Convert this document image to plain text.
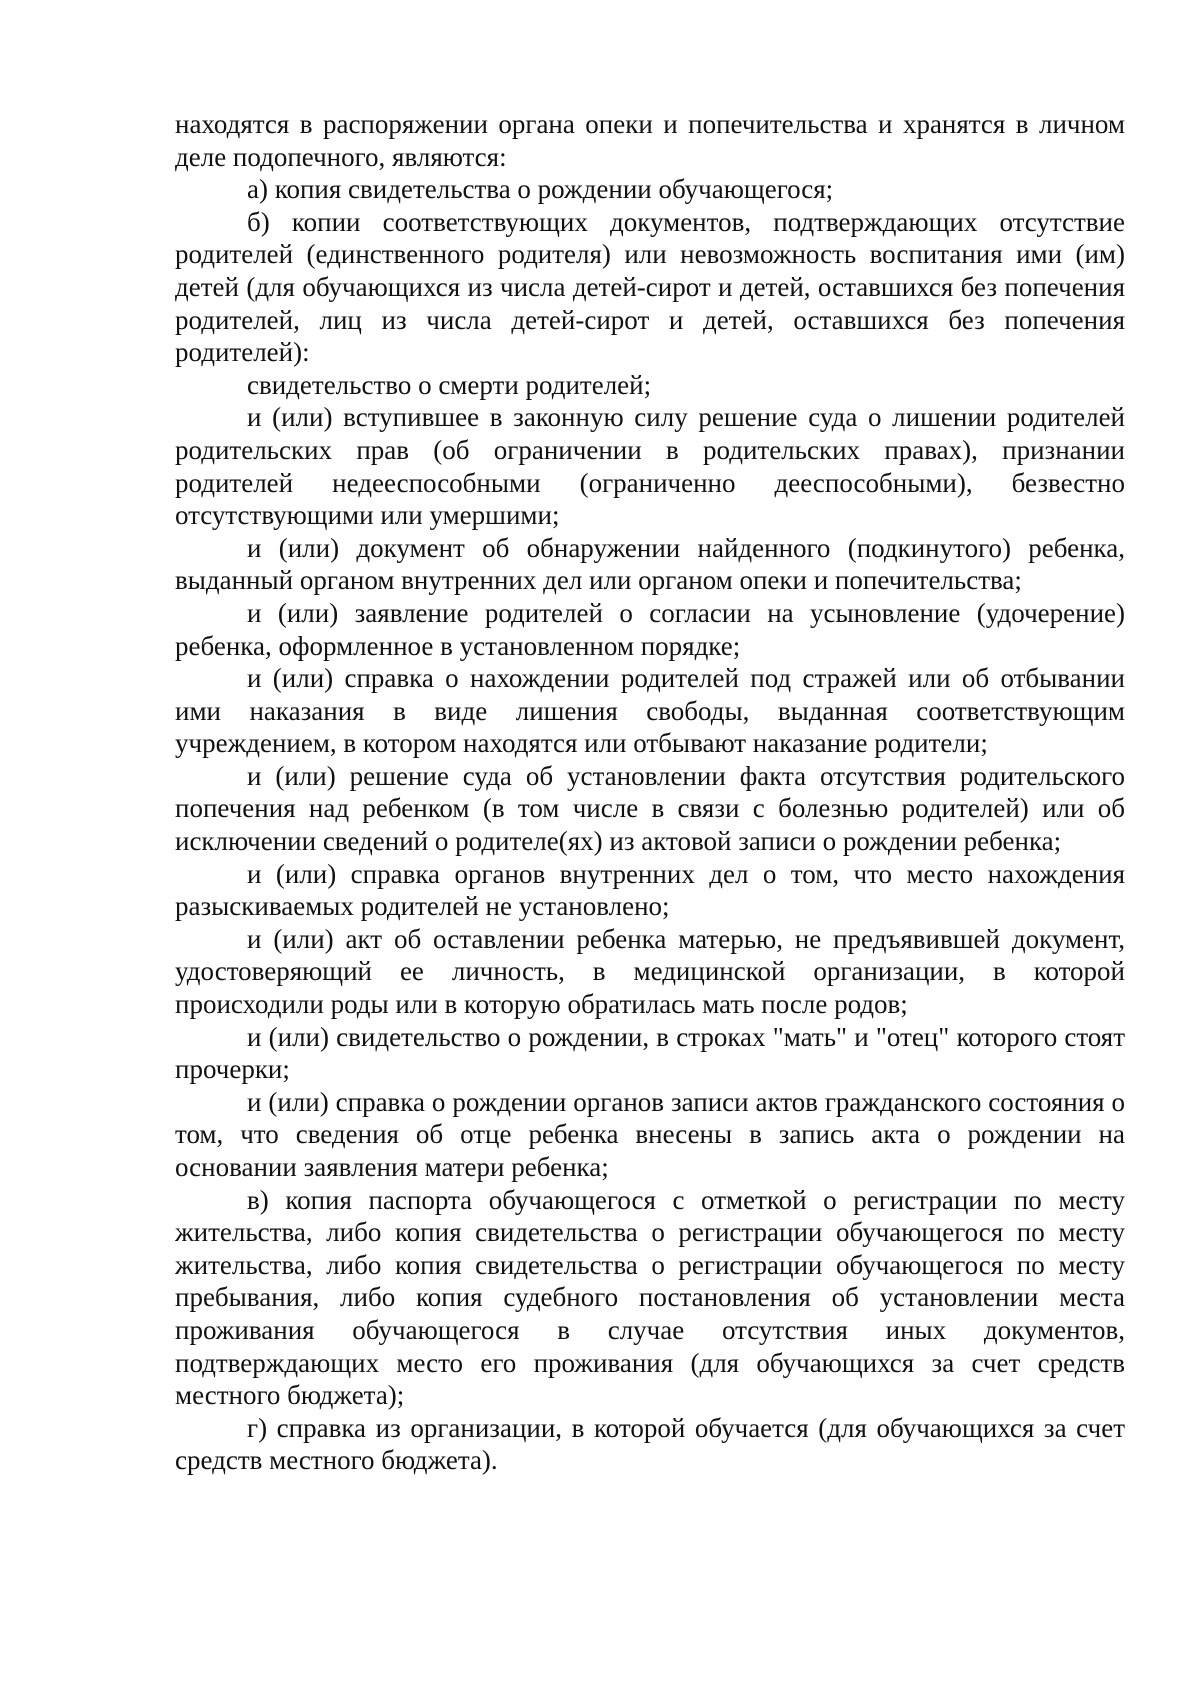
находятся в распоряжении органа опеки и попечительства и хранятся в личном деле подопечного, являются:

а) копия свидетельства о рождении обучающегося;

б) копии соответствующих документов, подтверждающих отсутствие родителей (единственного родителя) или невозможность воспитания ими (им) детей (для обучающихся из числа детей-сирот и детей, оставшихся без попечения родителей, лиц из числа детей-сирот и детей, оставшихся без попечения родителей):

свидетельство о смерти родителей;

и (или) вступившее в законную силу решение суда о лишении родителей родительских прав (об ограничении в родительских правах), признании родителей недееспособными (ограниченно дееспособными), безвестно отсутствующими или умершими;

и (или) документ об обнаружении найденного (подкинутого) ребенка, выданный органом внутренних дел или органом опеки и попечительства;

и (или) заявление родителей о согласии на усыновление (удочерение) ребенка, оформленное в установленном порядке;

и (или) справка о нахождении родителей под стражей или об отбывании ими наказания в виде лишения свободы, выданная соответствующим учреждением, в котором находятся или отбывают наказание родители;

и (или) решение суда об установлении факта отсутствия родительского попечения над ребенком (в том числе в связи с болезнью родителей) или об исключении сведений о родителе(ях) из актовой записи о рождении ребенка;

и (или) справка органов внутренних дел о том, что место нахождения разыскиваемых родителей не установлено;

и (или) акт об оставлении ребенка матерью, не предъявившей документ, удостоверяющий ее личность, в медицинской организации, в которой происходили роды или в которую обратилась мать после родов;

и (или) свидетельство о рождении, в строках "мать" и "отец" которого стоят прочерки;

и (или) справка о рождении органов записи актов гражданского состояния о том, что сведения об отце ребенка внесены в запись акта о рождении на основании заявления матери ребенка;

в) копия паспорта обучающегося с отметкой о регистрации по месту жительства, либо копия свидетельства о регистрации обучающегося по месту жительства, либо копия свидетельства о регистрации обучающегося по месту пребывания, либо копия судебного постановления об установлении места проживания обучающегося в случае отсутствия иных документов, подтверждающих место его проживания (для обучающихся за счет средств местного бюджета);

г) справка из организации, в которой обучается (для обучающихся за счет средств местного бюджета).
